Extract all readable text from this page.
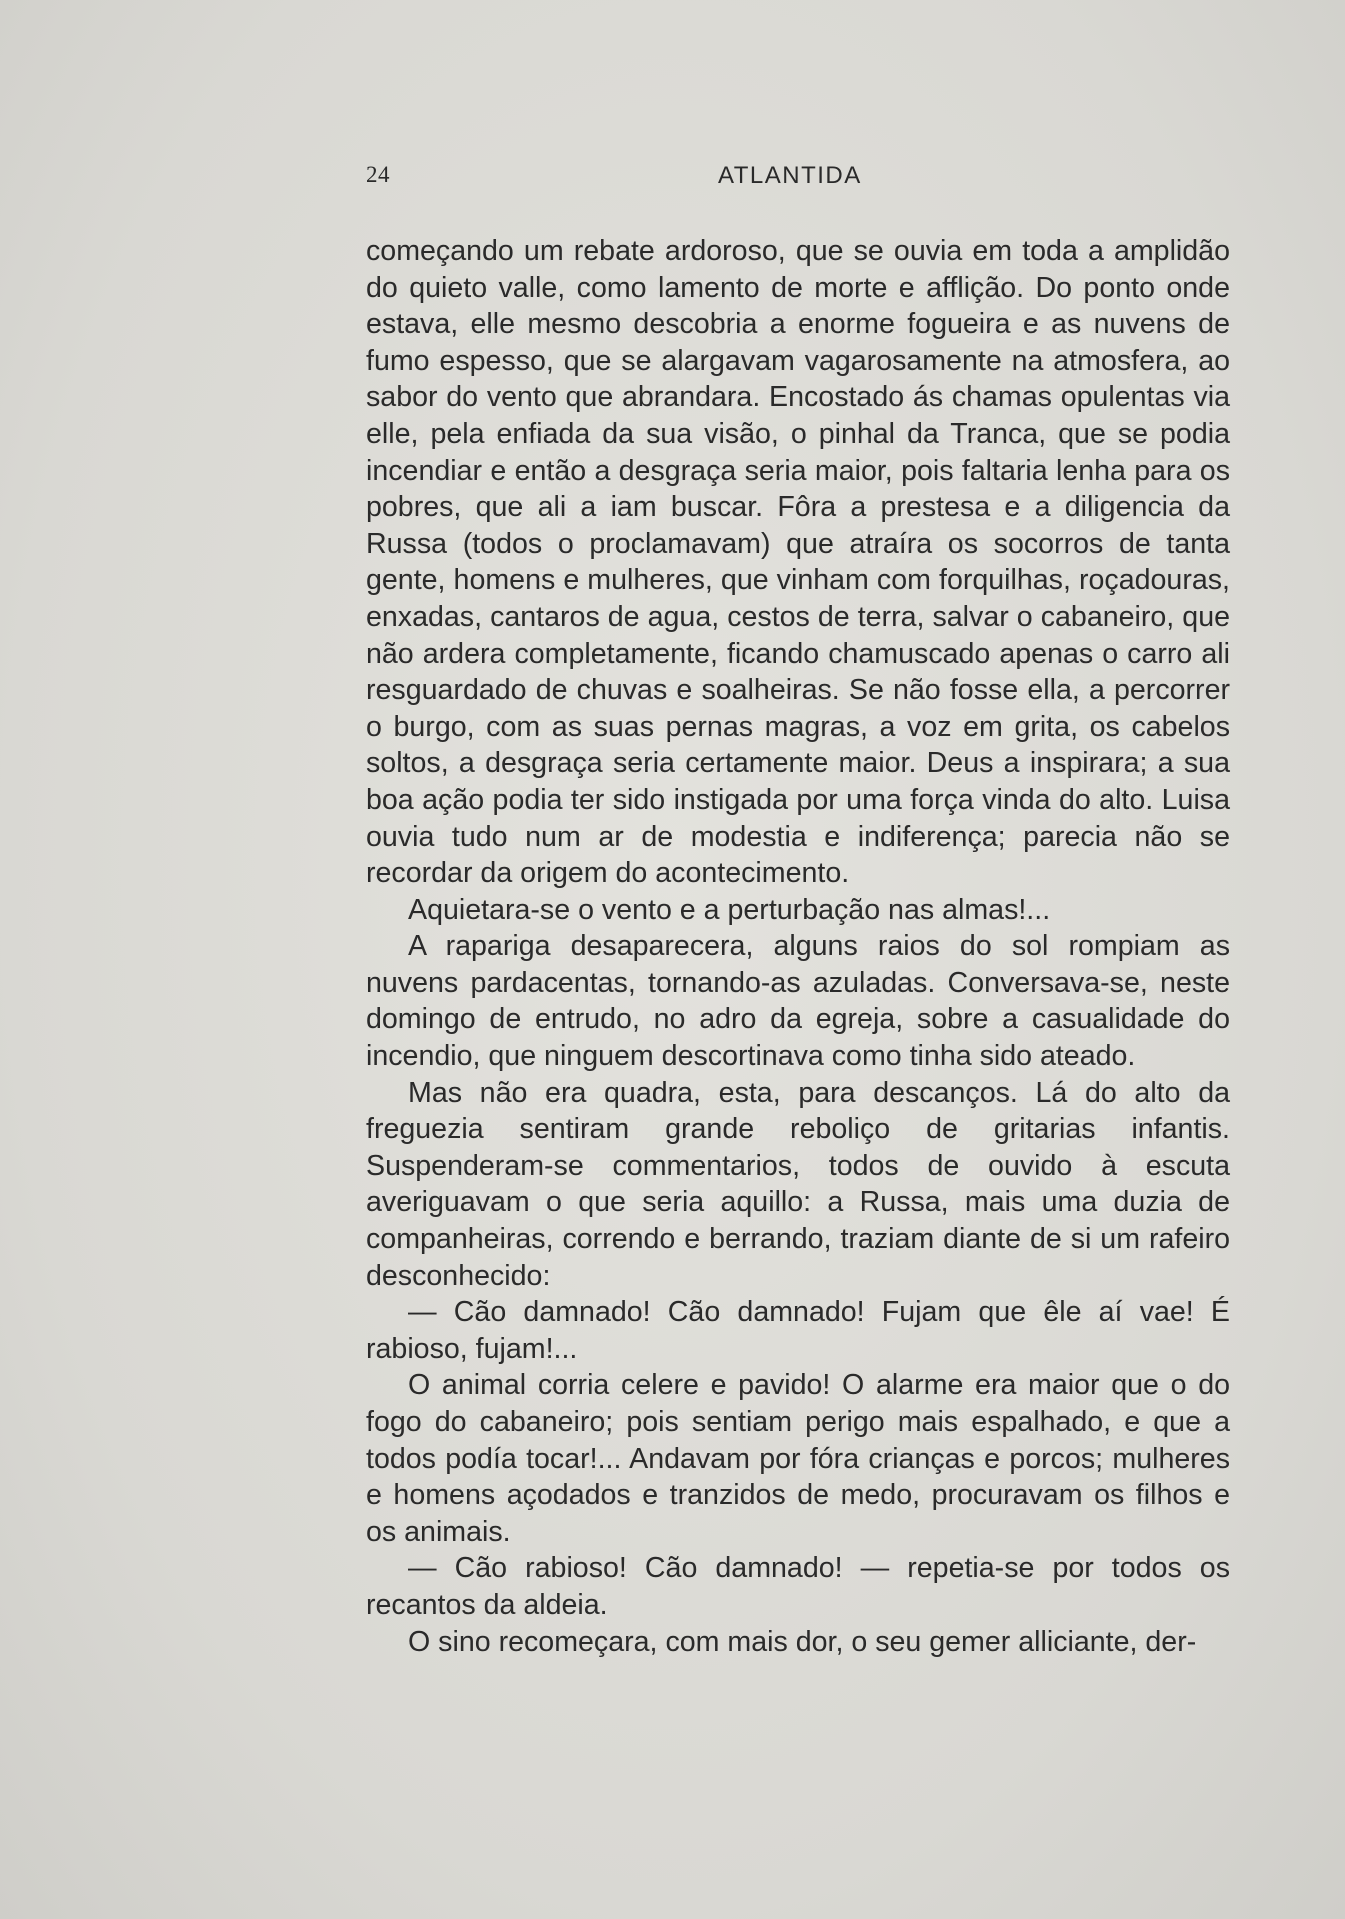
24	ATLANTIDA

começando um rebate ardoroso, que se ouvia em toda a amplidão do quieto valle, como lamento de morte e afflição. Do ponto onde estava, elle mesmo descobria a enorme fogueira e as nuvens de fumo espesso, que se alargavam vagarosamente na atmosfera, ao sabor do vento que abrandara. Encostado ás chamas opulentas via elle, pela enfiada da sua visão, o pinhal da Tranca, que se podia incendiar e então a desgraça seria maior, pois faltaria lenha para os pobres, que ali a iam buscar. Fôra a prestesa e a diligencia da Russa (todos o proclamavam) que atraíra os socorros de tanta gente, homens e mulheres, que vinham com forquilhas, roçadouras, enxadas, cantaros de agua, cestos de terra, salvar o cabaneiro, que não ardera completamente, ficando chamuscado apenas o carro ali resguardado de chuvas e soalheiras. Se não fosse ella, a percorrer o burgo, com as suas pernas magras, a voz em grita, os cabelos soltos, a desgraça seria certamente maior. Deus a inspirara; a sua boa ação podia ter sido instigada por uma força vinda do alto. Luisa ouvia tudo num ar de modestia e indiferença; parecia não se recordar da origem do acontecimento.

Aquietara-se o vento e a perturbação nas almas!...

A rapariga desaparecera, alguns raios do sol rompiam as nuvens pardacentas, tornando-as azuladas. Conversava-se, neste domingo de entrudo, no adro da egreja, sobre a casualidade do incendio, que ninguem descortinava como tinha sido ateado.

Mas não era quadra, esta, para descanços. Lá do alto da freguezia sentiram grande reboliço de gritarias infantis. Suspenderam-se commentarios, todos de ouvido à escuta averiguavam o que seria aquillo: a Russa, mais uma duzia de companheiras, correndo e berrando, traziam diante de si um rafeiro desconhecido:

— Cão damnado! Cão damnado! Fujam que êle aí vae! É rabioso, fujam!...

O animal corria celere e pavido! O alarme era maior que o do fogo do cabaneiro; pois sentiam perigo mais espalhado, e que a todos podía tocar!... Andavam por fóra crianças e porcos; mulheres e homens açodados e tranzidos de medo, procuravam os filhos e os animais.

— Cão rabioso! Cão damnado! — repetia-se por todos os recantos da aldeia.

O sino recomeçara, com mais dor, o seu gemer alliciante, der-
